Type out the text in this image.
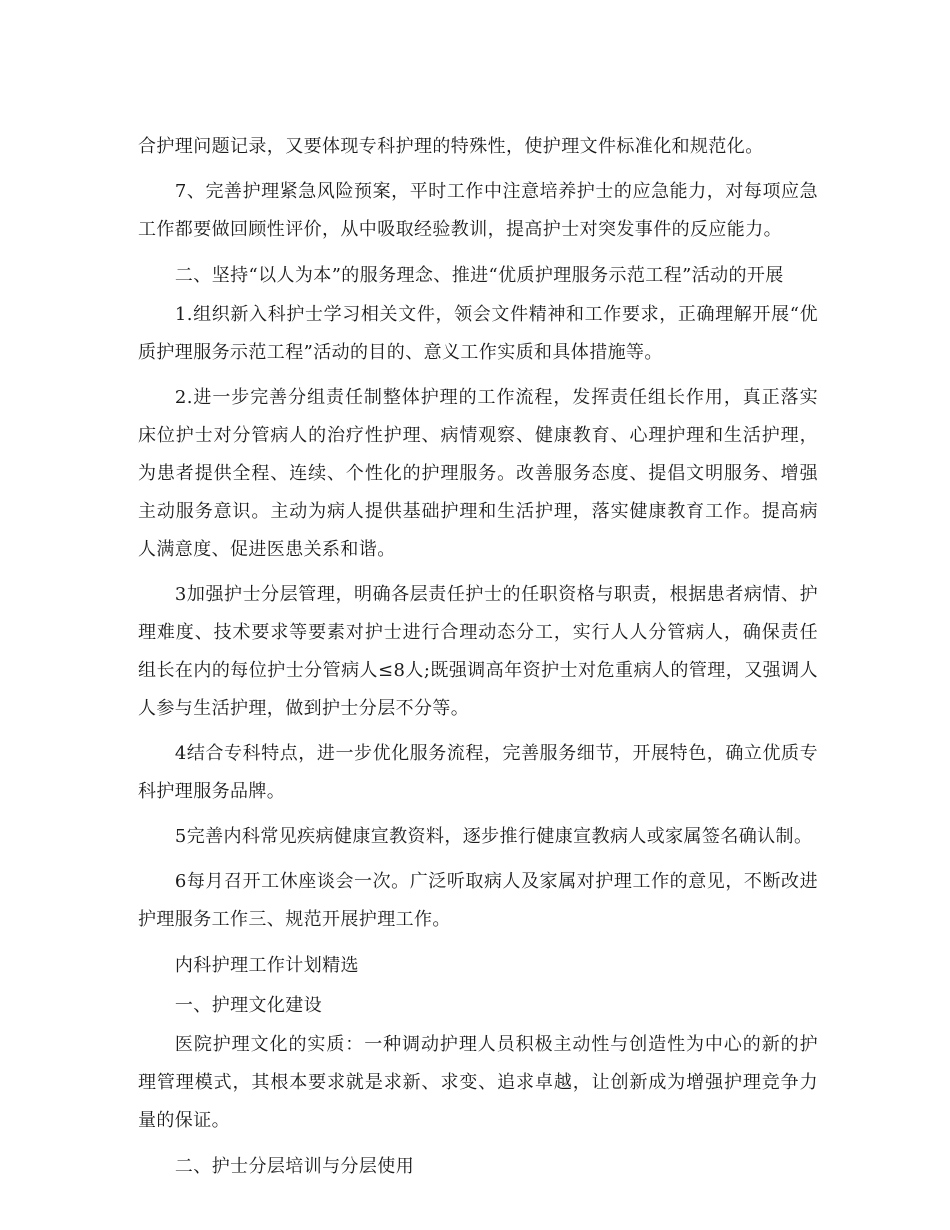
合护理问题记录，又要体现专科护理的特殊性，使护理文件标准化和规范化。

7、完善护理紧急风险预案，平时工作中注意培养护士的应急能力，对每项应急工作都要做回顾性评价，从中吸取经验教训，提高护士对突发事件的反应能力。

二、坚持“以人为本”的服务理念、推进“优质护理服务示范工程”活动的开展

1.组织新入科护士学习相关文件，领会文件精神和工作要求，正确理解开展“优质护理服务示范工程”活动的目的、意义工作实质和具体措施等。

2.进一步完善分组责任制整体护理的工作流程，发挥责任组长作用，真正落实床位护士对分管病人的治疗性护理、病情观察、健康教育、心理护理和生活护理，为患者提供全程、连续、个性化的护理服务。改善服务态度、提倡文明服务、增强主动服务意识。主动为病人提供基础护理和生活护理，落实健康教育工作。提高病人满意度、促进医患关系和谐。

3加强护士分层管理，明确各层责任护士的任职资格与职责，根据患者病情、护理难度、技术要求等要素对护士进行合理动态分工，实行人人分管病人，确保责任组长在内的每位护士分管病人≤8人;既强调高年资护士对危重病人的管理，又强调人人参与生活护理，做到护士分层不分等。

4结合专科特点，进一步优化服务流程，完善服务细节，开展特色，确立优质专科护理服务品牌。

5完善内科常见疾病健康宣教资料，逐步推行健康宣教病人或家属签名确认制。

6每月召开工休座谈会一次。广泛听取病人及家属对护理工作的意见，不断改进护理服务工作三、规范开展护理工作。

内科护理工作计划精选

一、护理文化建设

医院护理文化的实质：一种调动护理人员积极主动性与创造性为中心的新的护理管理模式，其根本要求就是求新、求变、追求卓越，让创新成为增强护理竞争力量的保证。

二、护士分层培训与分层使用
